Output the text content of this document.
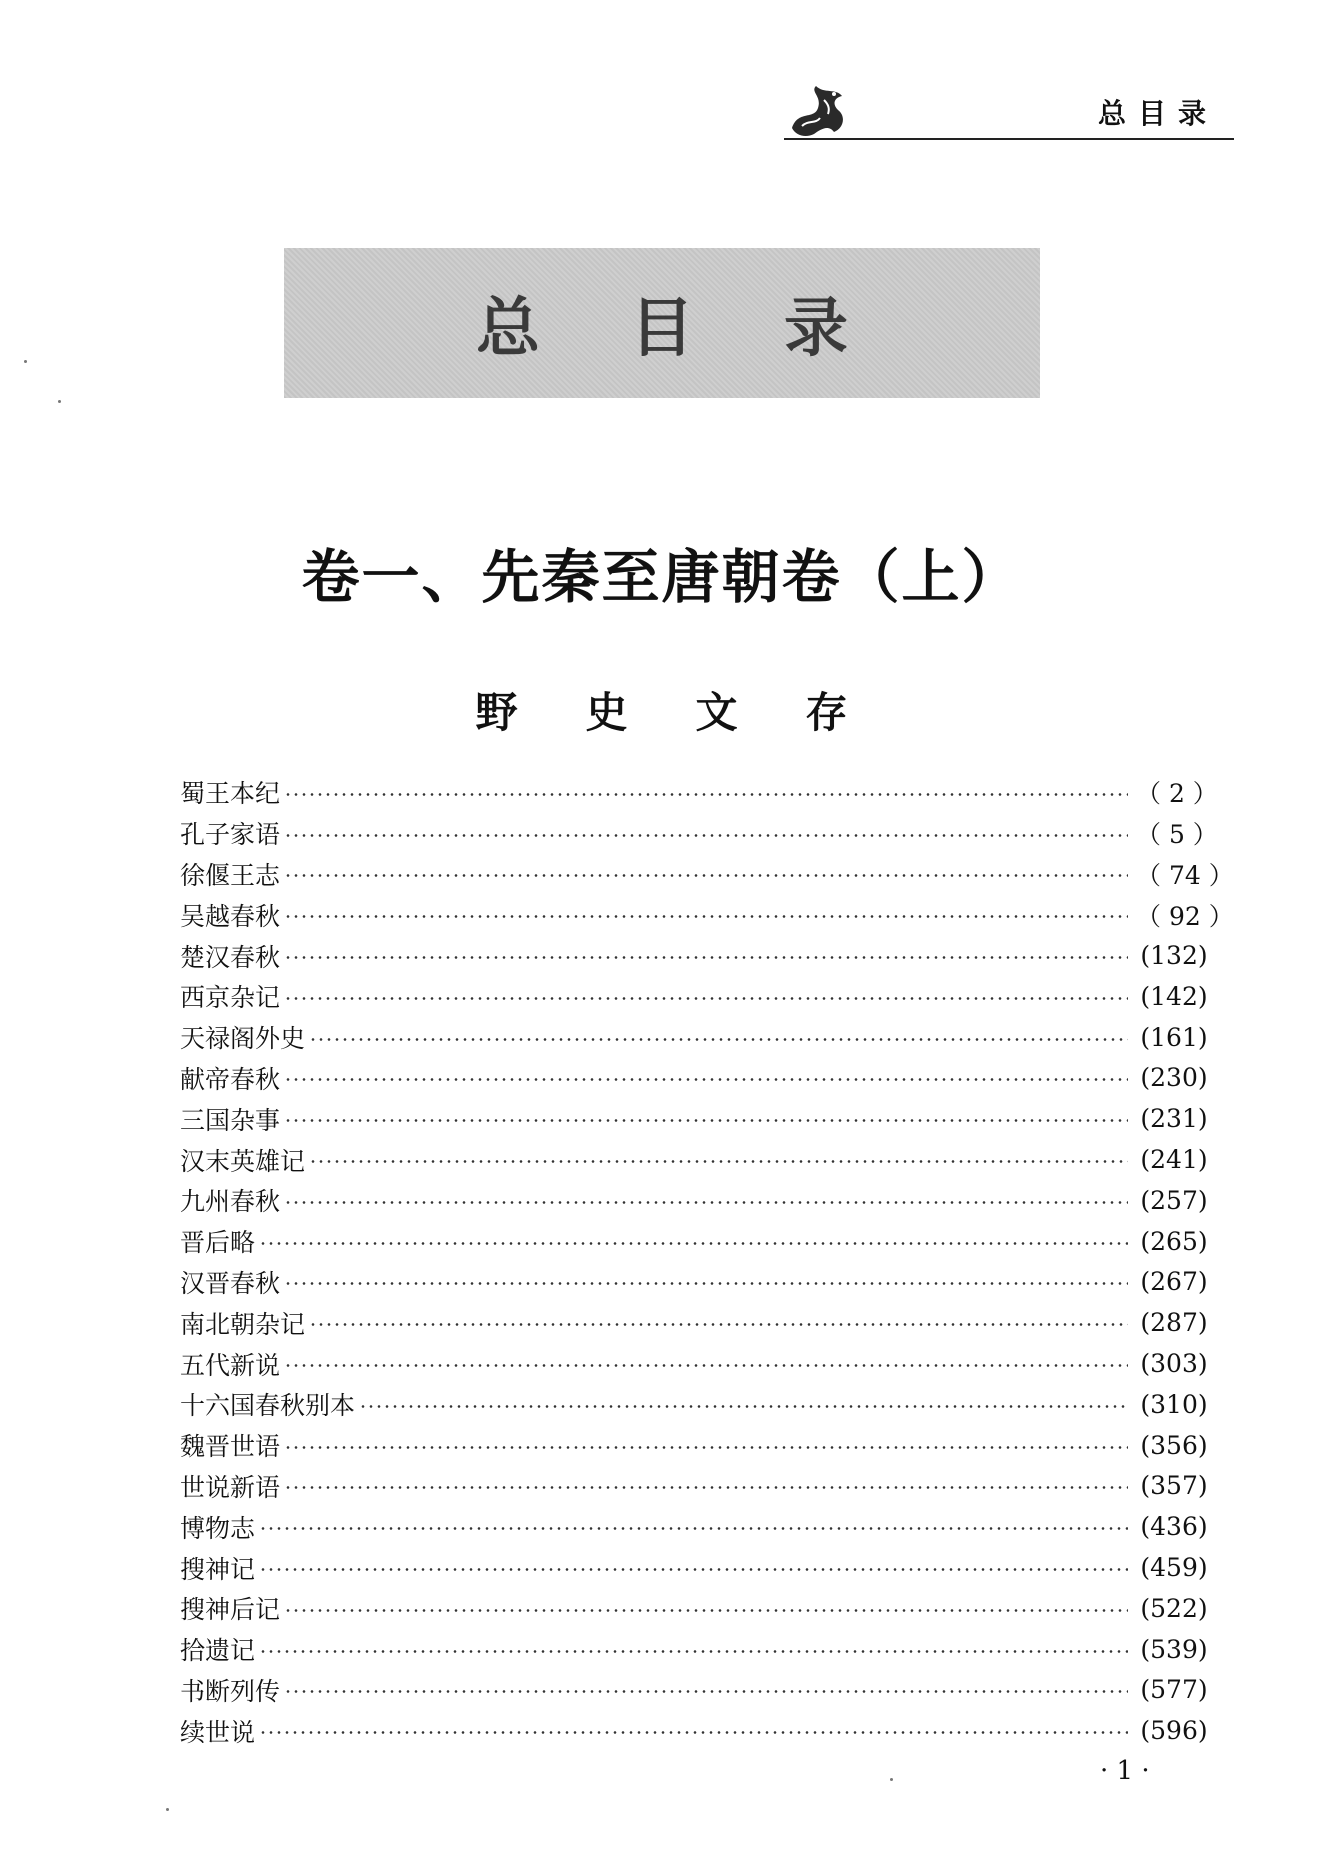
总目录
总目录
卷一、先秦至唐朝卷（上）
野史文存
蜀王本纪	（ 2 ）
孔子家语	（ 5 ）
徐偃王志	（ 74 ）
吴越春秋	（ 92 ）
楚汉春秋	(132)
西京杂记	(142)
天禄阁外史	(161)
献帝春秋	(230)
三国杂事	(231)
汉末英雄记	(241)
九州春秋	(257)
晋后略	(265)
汉晋春秋	(267)
南北朝杂记	(287)
五代新说	(303)
十六国春秋别本	(310)
魏晋世语	(356)
世说新语	(357)
博物志	(436)
搜神记	(459)
搜神后记	(522)
拾遗记	(539)
书断列传	(577)
续世说	(596)
· 1 ·
